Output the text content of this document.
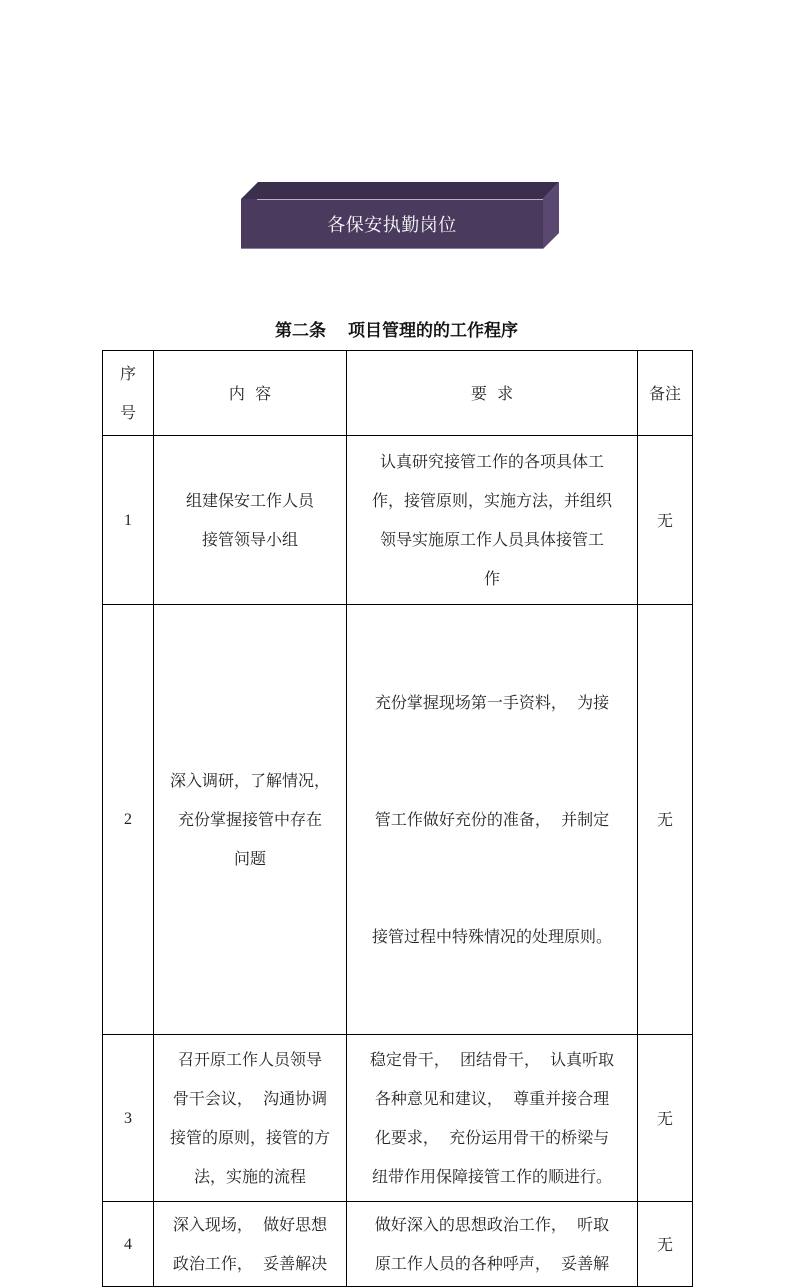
各保安执勤岗位
第二条 项目管理的的工作程序
序
号	内  容	要  求	备注
1	组建保安工作人员
接管领导小组	认真研究接管工作的各项具体工
作，接管原则，实施方法，并组织
领导实施原工作人员具体接管工
作	无
2	深入调研，了解情况，
充份掌握接管中存在
问题	充份掌握现场第一手资料，  为接

管工作做好充份的准备，  并制定

接管过程中特殊情况的处理原则。	无
3	召开原工作人员领导
骨干会议，  沟通协调
接管的原则，接管的方
法，实施的流程	稳定骨干，  团结骨干，  认真听取
各种意见和建议，  尊重并接合理
化要求，  充份运用骨干的桥梁与
纽带作用保障接管工作的顺进行。	无
4	深入现场，  做好思想
政治工作，  妥善解决	做好深入的思想政治工作，  听取
原工作人员的各种呼声，  妥善解	无
